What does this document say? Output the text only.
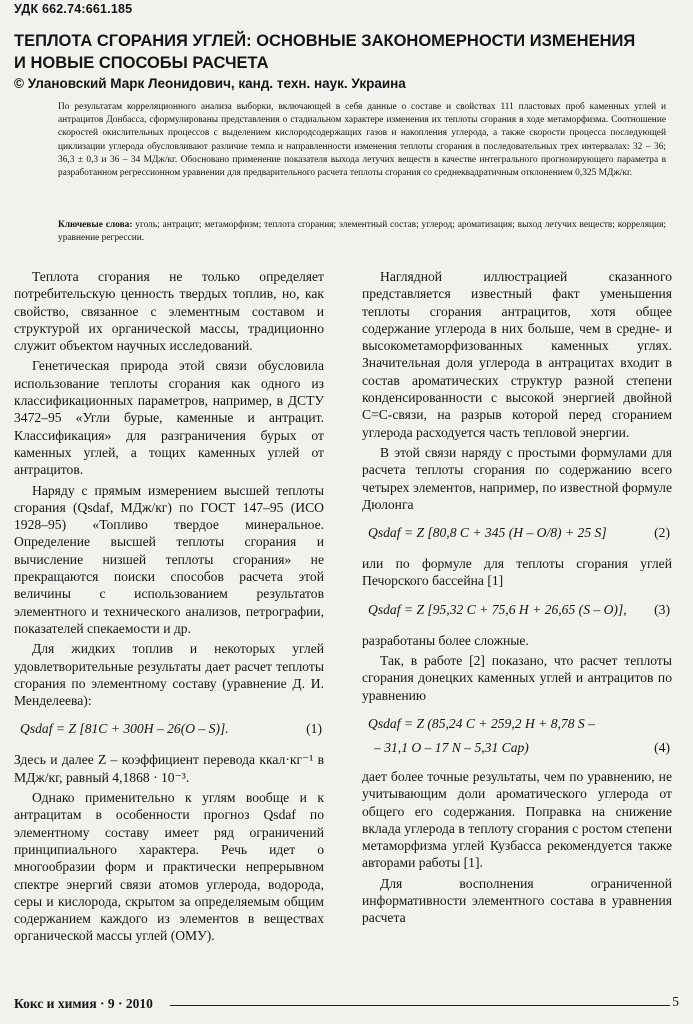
УДК 662.74:661.185
ТЕПЛОТА СГОРАНИЯ УГЛЕЙ: ОСНОВНЫЕ ЗАКОНОМЕРНОСТИ ИЗМЕНЕНИЯ
И НОВЫЕ СПОСОБЫ РАСЧЕТА
© Улановский Марк Леонидович, канд. техн. наук. Украина

По результатам корреляционного анализа выборки, включающей в себя данные о составе и свойствах 111 пластовых проб каменных углей и антрацитов Донбасса, сформулированы представления о стадиальном характере изменения их теплоты сгорания в ходе метаморфизма. Соотношение скоростей окислительных процессов с выделением кислородсодержащих газов и накопления углерода, а также скорости процесса последующей циклизации углерода обусловливают различие темпа и направленности изменения теплоты сгорания в последовательных трех интервалах: 32 – 36; 36,3 ± 0,3 и 36 – 34 МДж/кг. Обосновано применение показателя выхода летучих веществ в качестве интегрального прогнозирующего параметра в разработанном регрессионном уравнении для предварительного расчета теплоты сгорания со среднеквадратичным отклонением 0,325 МДж/кг.

Ключевые слова: уголь; антрацит; метаморфизм; теплота сгорания; элементный состав; углерод; ароматизация; выход летучих веществ; корреляция; уравнение регрессии.

Теплота сгорания не только определяет потребительскую ценность твердых топлив, но, как свойство, связанное с элементным составом и структурой их органической массы, традиционно служит объектом научных исследований.

Генетическая природа этой связи обусловила использование теплоты сгорания как одного из классификационных параметров, например, в ДСТУ 3472–95 «Угли бурые, каменные и антрацит. Классификация» для разграничения бурых от каменных углей, а тощих каменных углей от антрацитов.

Наряду с прямым измерением высшей теплоты сгорания (Qsdaf, МДж/кг) по ГОСТ 147–95 (ИСО 1928–95) «Топливо твердое минеральное. Определение высшей теплоты сгорания и вычисление низшей теплоты сгорания» не прекращаются поиски способов расчета этой величины с использованием результатов элементного и технического анализов, петрографии, показателей спекаемости и др.

Для жидких топлив и некоторых углей удовлетворительные результаты дает расчет теплоты сгорания по элементному составу (уравнение Д. И. Менделеева):

Qsdaf = Z [81C + 300H – 26(O – S)].	(1)

Здесь и далее Z – коэффициент перевода ккал·кг⁻¹ в МДж/кг, равный 4,1868 · 10⁻³.

Однако применительно к углям вообще и к антрацитам в особенности прогноз Qsdaf по элементному составу имеет ряд ограничений принципиального характера. Речь идет о многообразии форм и практически непрерывном спектре энергий связи атомов углерода, водорода, серы и кислорода, скрытом за определяемым общим содержанием каждого из элементов в веществах органической массы углей (ОМУ).

Наглядной иллюстрацией сказанного представляется известный факт уменьшения теплоты сгорания антрацитов, хотя общее содержание углерода в них больше, чем в средне- и высокометаморфизованных каменных углях. Значительная доля углерода в антрацитах входит в состав ароматических структур разной степени конденсированности с высокой энергией двойной C=C-связи, на разрыв которой перед сгоранием углерода расходуется часть тепловой энергии.

В этой связи наряду с простыми формулами для расчета теплоты сгорания по содержанию всего четырех элементов, например, по известной формуле Дюлонга

Qsdaf = Z [80,8 C + 345 (H – O/8) + 25 S]	(2)

или по формуле для теплоты сгорания углей Печорского бассейна [1]

Qsdaf = Z [95,32 C + 75,6 H + 26,65 (S – O)], (3)

разработаны более сложные.

Так, в работе [2] показано, что расчет теплоты сгорания донецких каменных углей и антрацитов по уравнению

Qsdaf = Z (85,24 C + 259,2 H + 8,78 S –
– 31,1 O – 17 N – 5,31 Cар)	(4)

дает более точные результаты, чем по уравнению, не учитывающим доли ароматического углерода от общего его содержания. Поправка на снижение вклада углерода в теплоту сгорания с ростом степени метаморфизма углей Кузбасса рекомендуется также авторами работы [1].

Для восполнения ограниченной информативности элементного состава в уравнения расчета

Кокс и химия · 9 · 2010	5
